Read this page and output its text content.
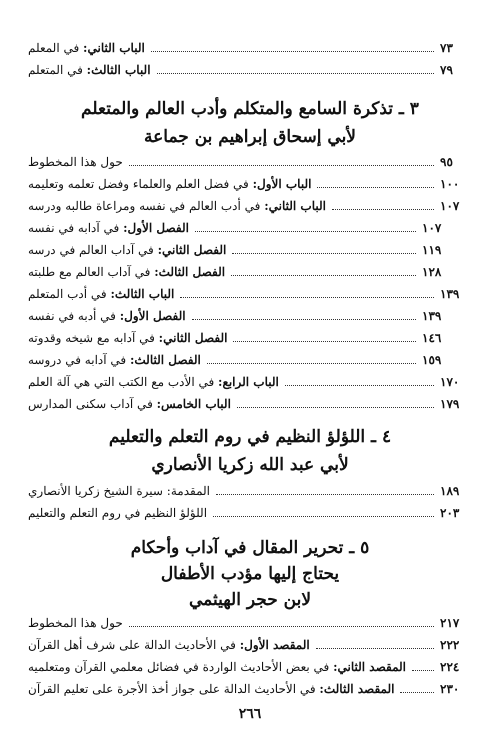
الباب الثاني: في المعلم	٧٣
الباب الثالث: في المتعلم	٧٩
٣ ـ تذكرة السامع والمتكلم وأدب العالم والمتعلم
لأبي إسحاق إبراهيم بن جماعة
حول هذا المخطوط	٩٥
الباب الأول: في فضل العلم والعلماء وفضل تعلمه وتعليمه	١٠٠
الباب الثاني: في أدب العالم في نفسه ومراعاة طالبه ودرسه	١٠٧
الفصل الأول: في آدابه في نفسه	١٠٧
الفصل الثاني: في آداب العالم في درسه	١١٩
الفصل الثالث: في آداب العالم مع طلبته	١٢٨
الباب الثالث: في أدب المتعلم	١٣٩
الفصل الأول: في أدبه في نفسه	١٣٩
الفصل الثاني: في آدابه مع شيخه وقدوته	١٤٦
الفصل الثالث: في آدابه في دروسه	١٥٩
الباب الرابع: في الأدب مع الكتب التي هي آلة العلم	١٧٠
الباب الخامس: في آداب سكنى المدارس	١٧٩
٤ ـ اللؤلؤ النظيم في روم التعلم والتعليم
لأبي عبد الله زكريا الأنصاري
المقدمة: سيرة الشيخ زكريا الأنصاري	١٨٩
اللؤلؤ النظيم في روم التعلم والتعليم	٢٠٣
٥ ـ تحرير المقال في آداب وأحكام
يحتاج إليها مؤدب الأطفال
لابن حجر الهيثمي
حول هذا المخطوط	٢١٧
المقصد الأول: في الأحاديث الدالة على شرف أهل القرآن	٢٢٢
المقصد الثاني: في بعض الأحاديث الواردة في فضائل معلمي القرآن ومتعلميه	٢٢٤
المقصد الثالث: في الأحاديث الدالة على جواز أخذ الأجرة على تعليم القرآن	٢٣٠
٢٦٦
